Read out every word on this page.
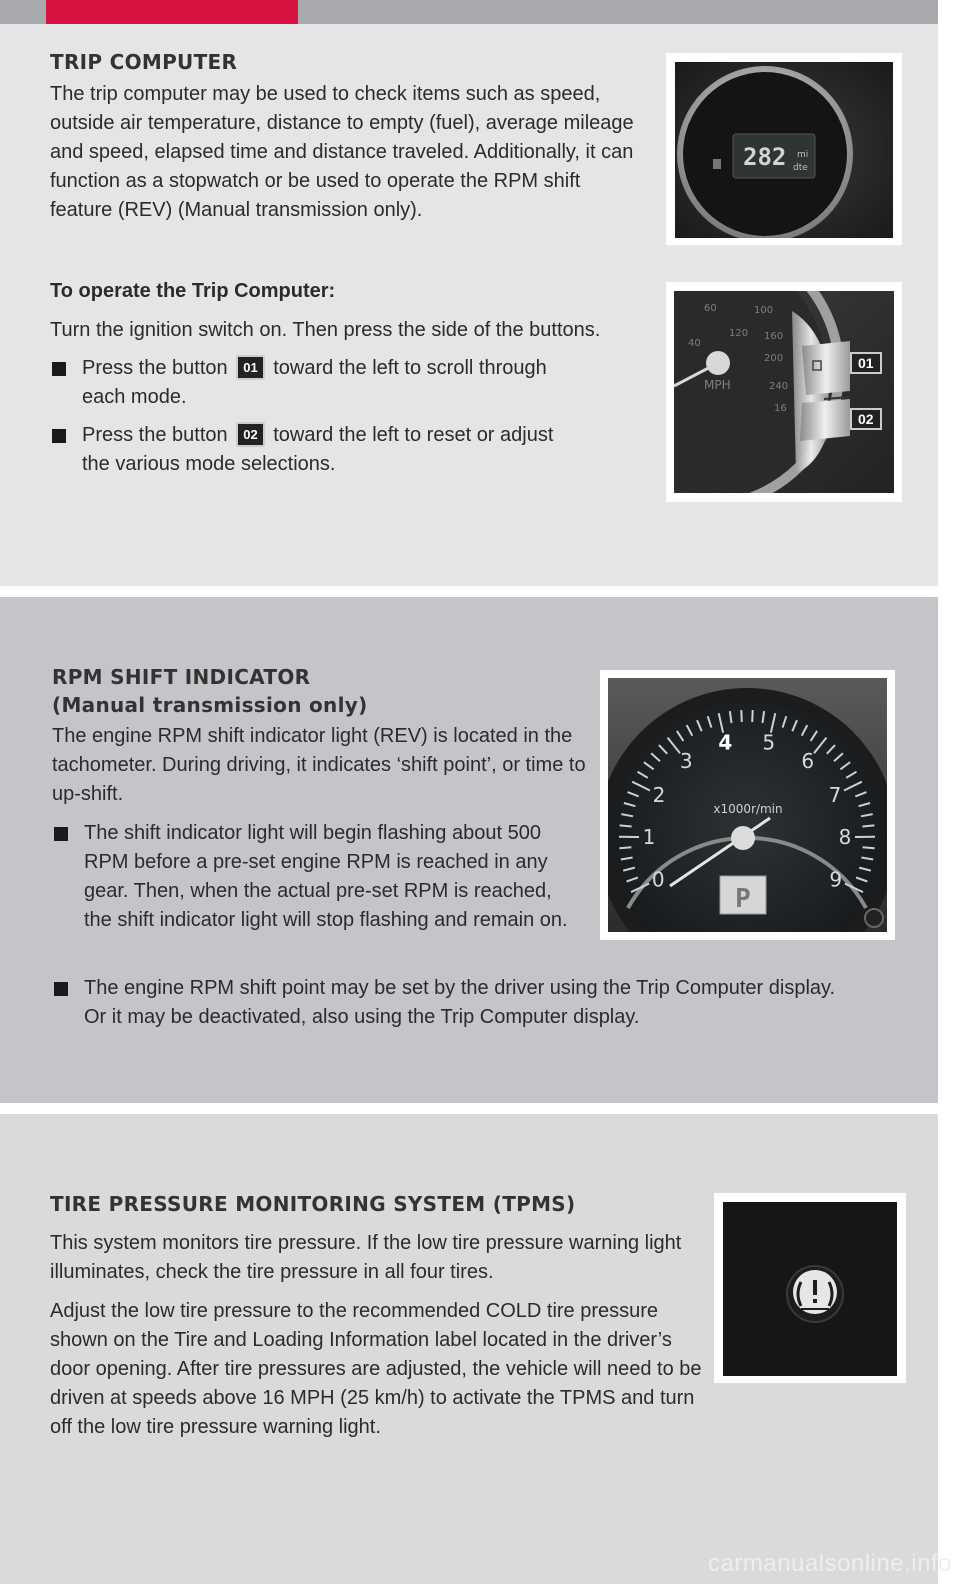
TRIP COMPUTER

The trip computer may be used to check items such as speed, outside air temperature, distance to empty (fuel), average mileage and speed, elapsed time and distance traveled. Additionally, it can function as a stopwatch or be used to operate the RPM shift feature (REV) (Manual transmission only).

To operate the Trip Computer:

Turn the ignition switch on. Then press the side of the buttons.

Press the button 01 toward the left to scroll through
each mode.
Press the button 02 toward the left to reset or adjust
the various mode selections.
282 mi
dte
60	100
120 160
40
200
240
16
MPH
01
02
RPM SHIFT INDICATOR
(Manual transmission only)

The engine RPM shift indicator light (REV) is located in the tachometer. During driving, it indicates ‘shift point’, or time to up-shift.

The shift indicator light will begin flashing about 500 RPM before a pre-set engine RPM is reached in any gear. Then, when the actual pre-set RPM is reached, the shift indicator light will stop flashing and remain on.

The engine RPM shift point may be set by the driver using the Trip Computer display. Or it may be deactivated, also using the Trip Computer display.

0
1
2
3
4 5
6
7
8
9
x1000r/min
P
TIRE PRESSURE MONITORING SYSTEM (TPMS)

This system monitors tire pressure. If the low tire pressure warning light illuminates, check the tire pressure in all four tires.

Adjust the low tire pressure to the recommended COLD tire pressure shown on the Tire and Loading Information label located in the driver’s door opening. After tire pressures are adjusted, the vehicle will need to be driven at speeds above 16 MPH (25 km/h) to activate the TPMS and turn off the low tire pressure warning light.

carmanualsonline.info
